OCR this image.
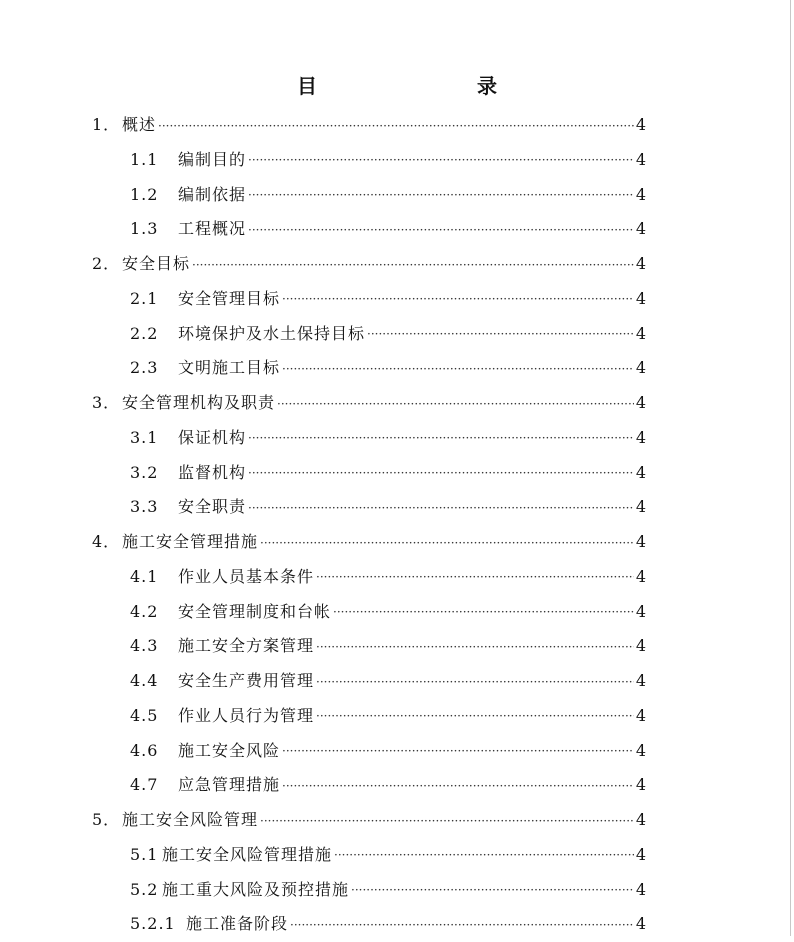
目　　录
1． 概述 ·····	4
1.1	编制目的 ·····	4
1.2	编制依据 ·····	4
1.3	工程概况 ·····	4
2． 安全目标 ·····	4
2.1	安全管理目标 ·····	4
2.2	环境保护及水土保持目标 ·····	4
2.3	文明施工目标 ·····	4
3． 安全管理机构及职责 ·····	4
3.1	保证机构 ·····	4
3.2	监督机构 ·····	4
3.3	安全职责 ·····	4
4． 施工安全管理措施 ·····	4
4.1	作业人员基本条件 ·····	4
4.2	安全管理制度和台帐 ·····	4
4.3	施工安全方案管理 ·····	4
4.4	安全生产费用管理 ·····	4
4.5	作业人员行为管理 ·····	4
4.6	施工安全风险 ·····	4
4.7	应急管理措施 ·····	4
5． 施工安全风险管理 ·····	4
5.1 施工安全风险管理措施 ·····	4
5.2 施工重大风险及预控措施 ·····	4
5.2.1 施工准备阶段 ·····	4
